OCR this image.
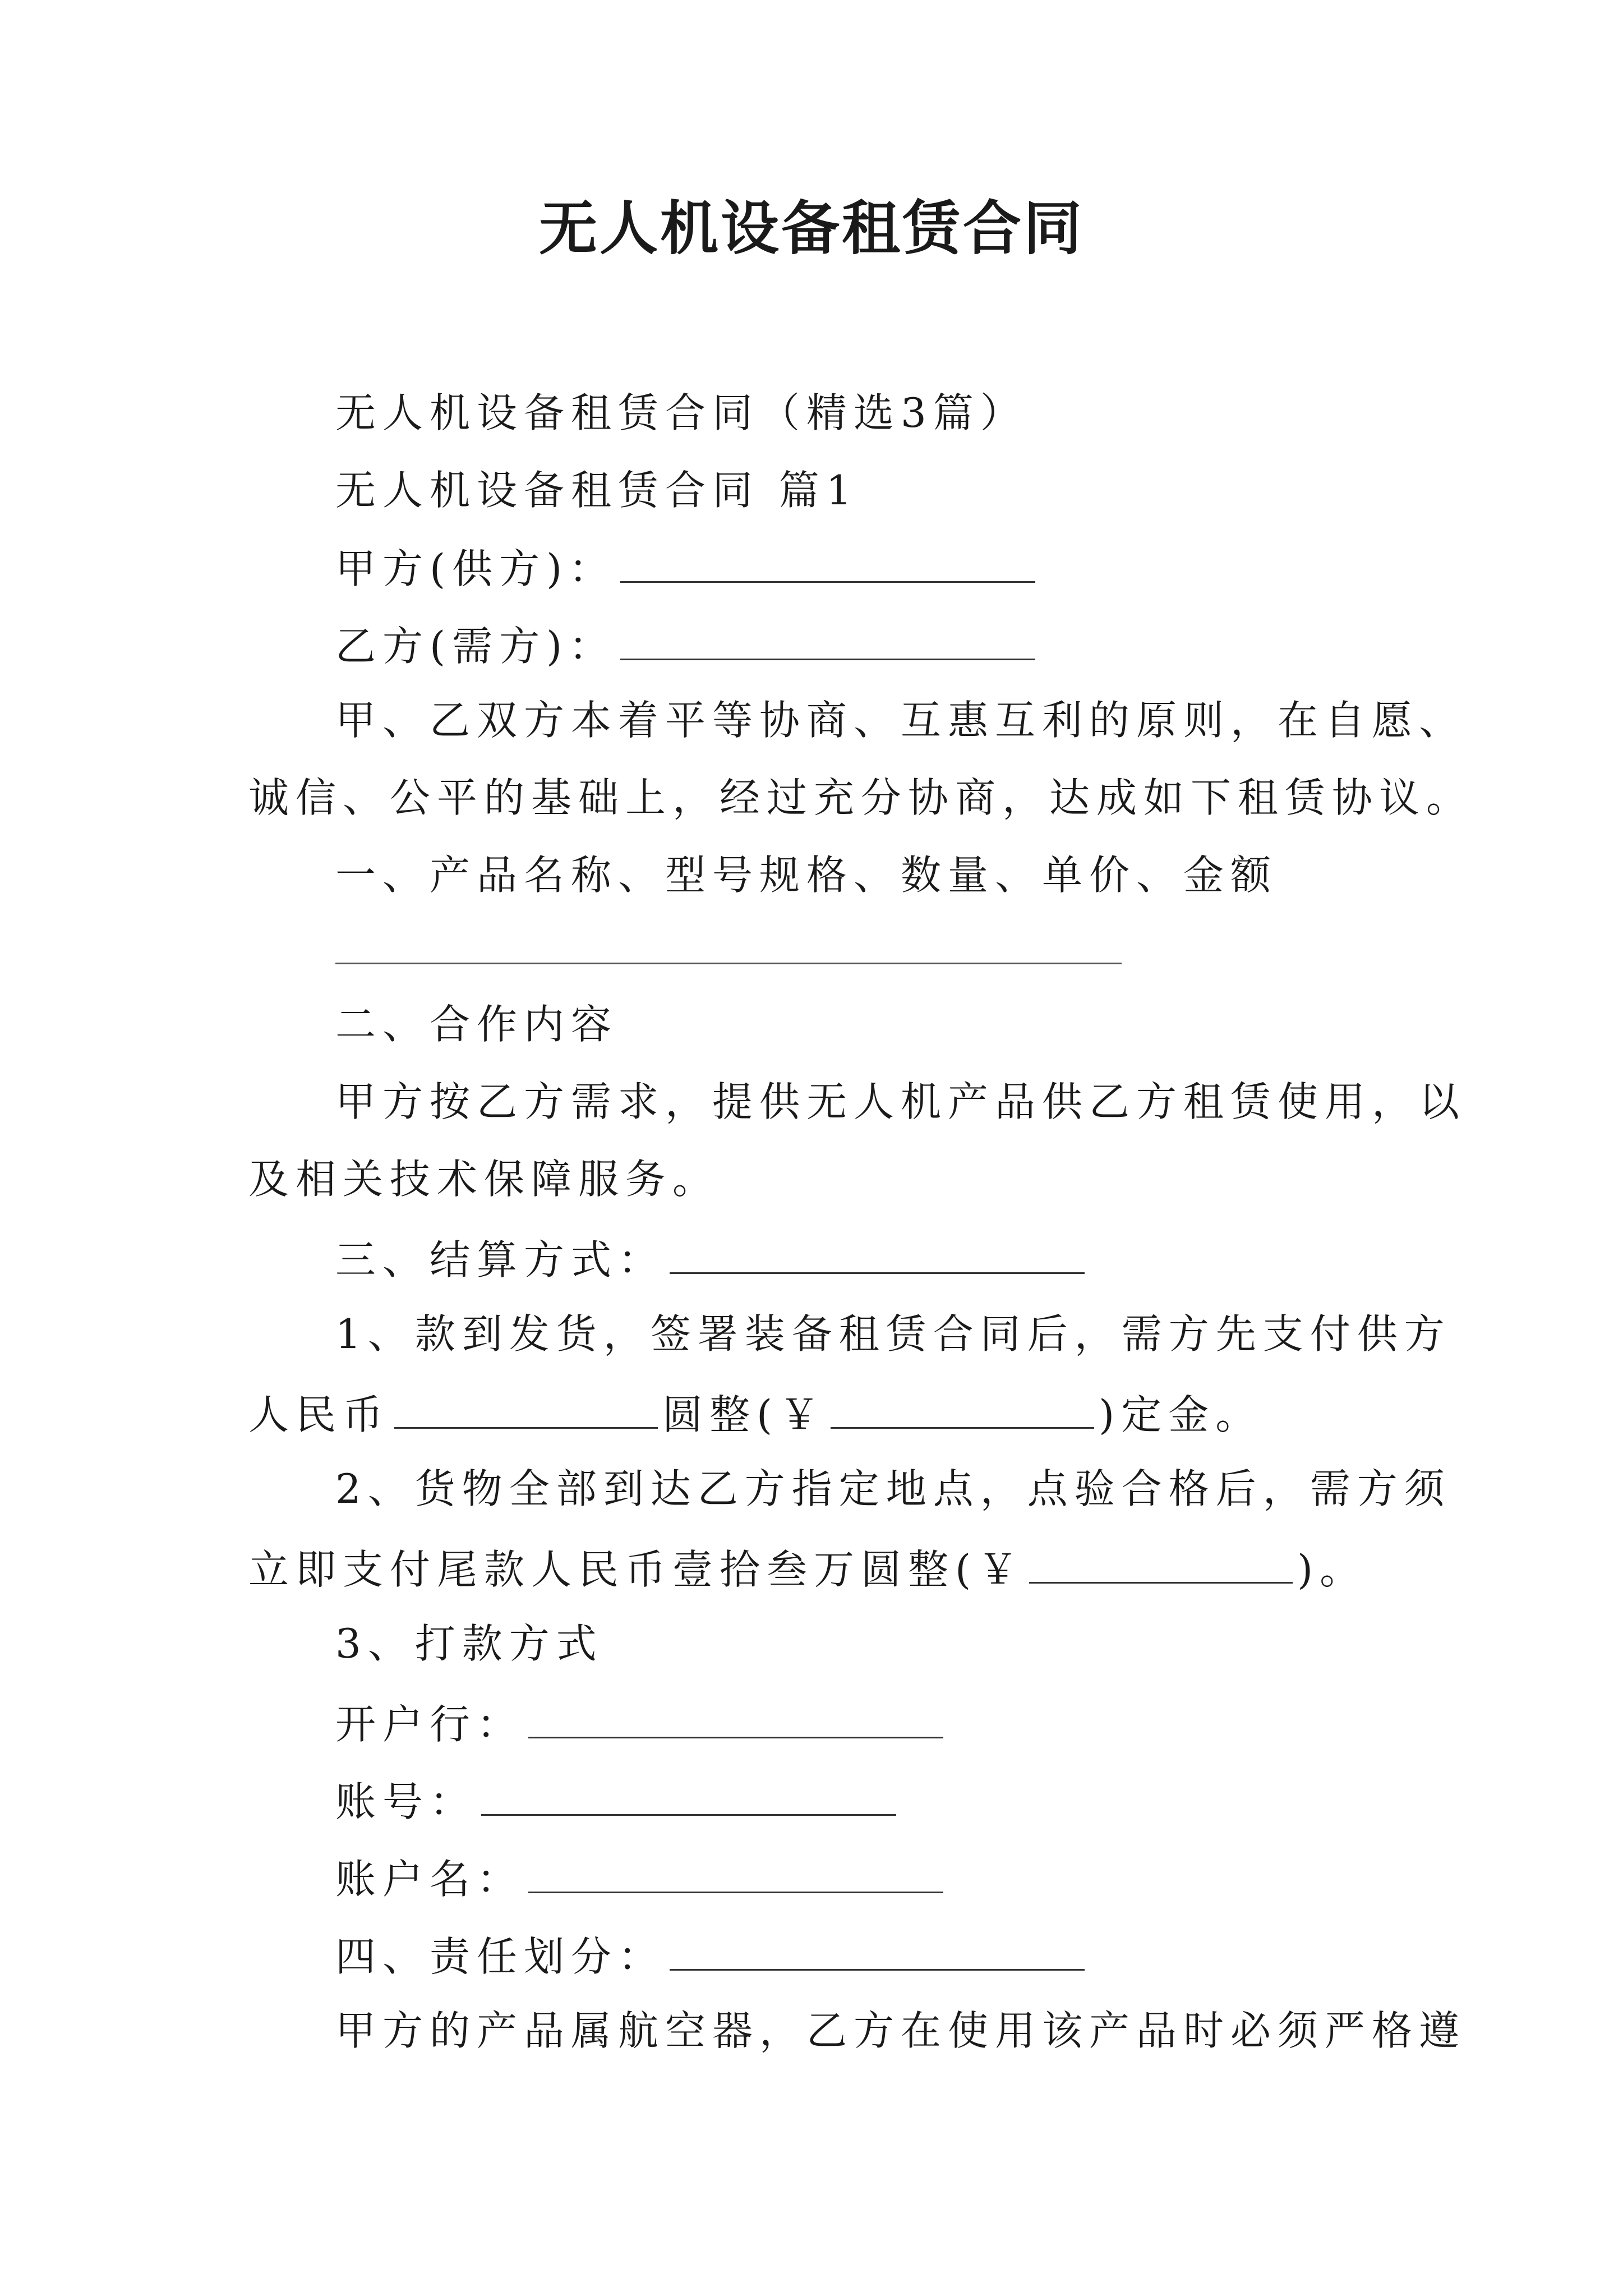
无人机设备租赁合同
无人机设备租赁合同（精选3篇）
无人机设备租赁合同 篇1
甲方(供方)：
乙方(需方)：
甲、乙双方本着平等协商、互惠互利的原则，在自愿、
诚信、公平的基础上，经过充分协商，达成如下租赁协议。
一、产品名称、型号规格、数量、单价、金额
二、合作内容
甲方按乙方需求，提供无人机产品供乙方租赁使用，以
及相关技术保障服务。
三、结算方式：
1、款到发货，签署装备租赁合同后，需方先支付供方
人民币	圆整(￥	)定金。
2、货物全部到达乙方指定地点，点验合格后，需方须
立即支付尾款人民币壹拾叁万圆整(￥	)。
3、打款方式
开户行：
账号：
账户名：
四、责任划分：
甲方的产品属航空器，乙方在使用该产品时必须严格遵
